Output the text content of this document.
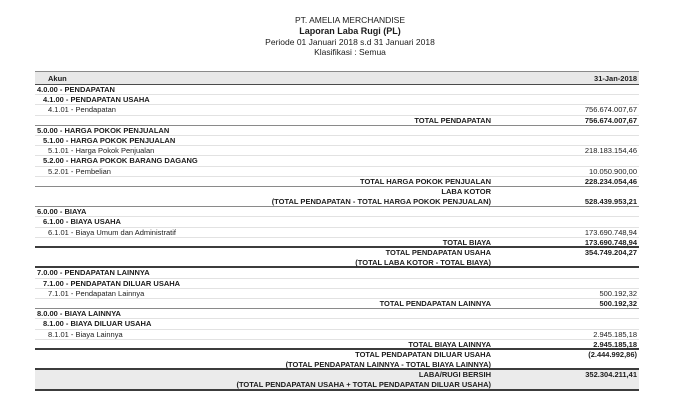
PT. AMELIA MERCHANDISE
Laporan Laba Rugi (PL)
Periode 01 Januari 2018 s.d 31 Januari 2018
Klasifikasi : Semua
Akun	31-Jan-2018
4.0.00 - PENDAPATAN
4.1.00 - PENDAPATAN USAHA
4.1.01 - Pendapatan	756.674.007,67
TOTAL PENDAPATAN	756.674.007,67
5.0.00 - HARGA POKOK PENJUALAN
5.1.00 - HARGA POKOK PENJUALAN
5.1.01 - Harga Pokok Penjualan	218.183.154,46
5.2.00 - HARGA POKOK BARANG DAGANG
5.2.01 - Pembelian	10.050.900,00
TOTAL HARGA POKOK PENJUALAN	228.234.054,46
LABA KOTOR
(TOTAL PENDAPATAN - TOTAL HARGA POKOK PENJUALAN)	528.439.953,21
6.0.00 - BIAYA
6.1.00 - BIAYA USAHA
6.1.01 - Biaya Umum dan Administratif	173.690.748,94
TOTAL BIAYA	173.690.748,94
TOTAL PENDAPATAN USAHA	354.749.204,27
(TOTAL LABA KOTOR - TOTAL BIAYA)
7.0.00 - PENDAPATAN LAINNYA
7.1.00 - PENDAPATAN DILUAR USAHA
7.1.01 - Pendapatan Lainnya	500.192,32
TOTAL PENDAPATAN LAINNYA	500.192,32
8.0.00 - BIAYA LAINNYA
8.1.00 - BIAYA DILUAR USAHA
8.1.01 - Biaya Lainnya	2.945.185,18
TOTAL BIAYA LAINNYA	2.945.185,18
TOTAL PENDAPATAN DILUAR USAHA	(2.444.992,86)
(TOTAL PENDAPATAN LAINNYA - TOTAL BIAYA LAINNYA)
LABA/RUGI BERSIH	352.304.211,41
(TOTAL PENDAPATAN USAHA + TOTAL PENDAPATAN DILUAR USAHA)
